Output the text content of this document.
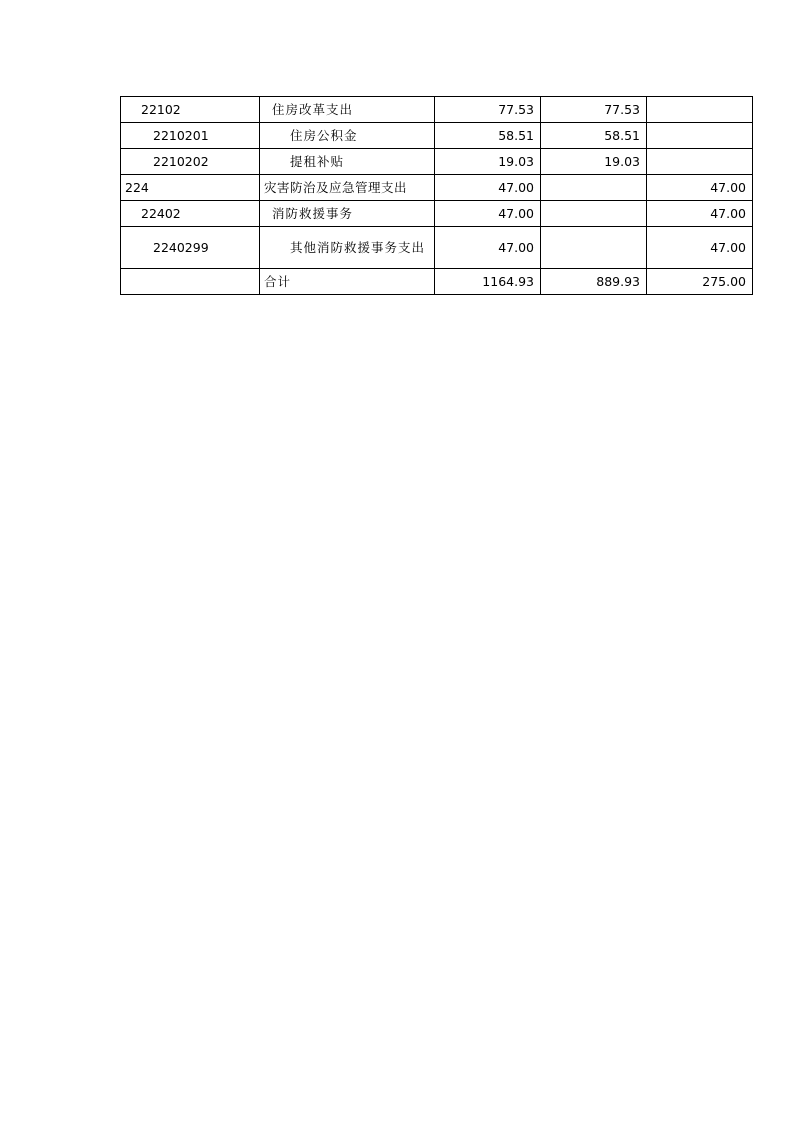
22102	住房改革支出	77.53	77.53	
2210201	住房公积金	58.51	58.51	
2210202	提租补贴	19.03	19.03	
224	灾害防治及应急管理支出	47.00		47.00
22402	消防救援事务	47.00		47.00
2240299	其他消防救援事务支出	47.00		47.00

	合计	1164.93	889.93	275.00
